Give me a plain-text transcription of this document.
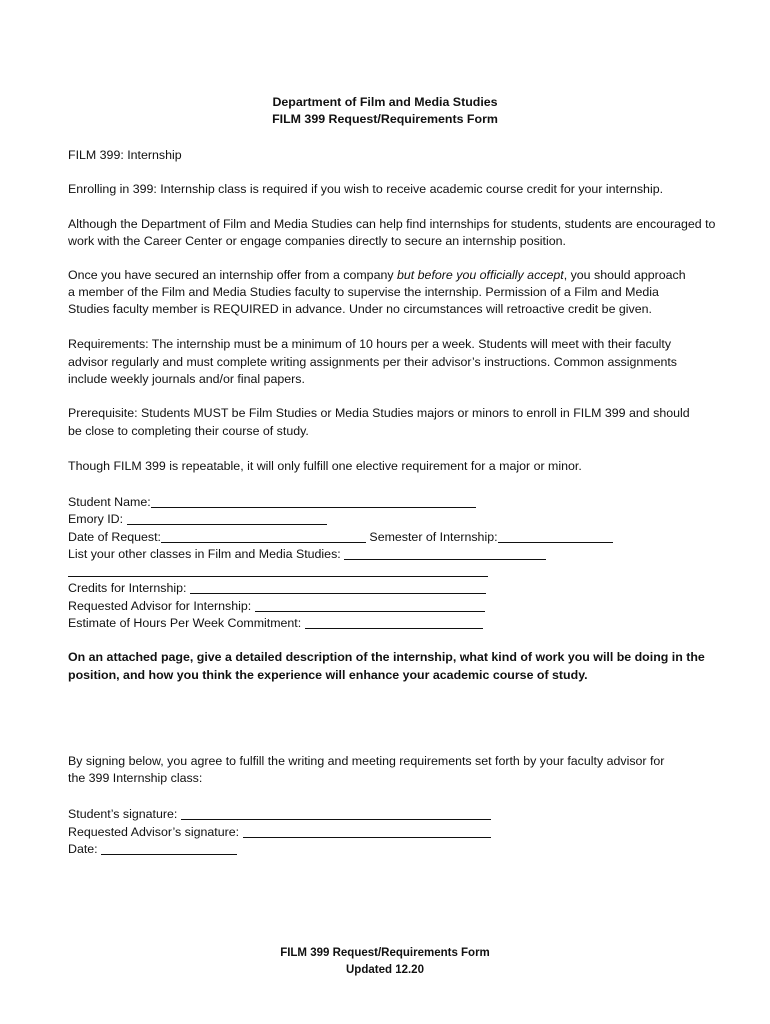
Department of Film and Media Studies
FILM 399 Request/Requirements Form
FILM 399: Internship
Enrolling in 399: Internship class is required if you wish to receive academic course credit for your internship.
Although the Department of Film and Media Studies can help find internships for students, students are encouraged to
work with the Career Center or engage companies directly to secure an internship position.
Once you have secured an internship offer from a company but before you officially accept, you should approach
a member of the Film and Media Studies faculty to supervise the internship. Permission of a Film and Media
Studies faculty member is REQUIRED in advance. Under no circumstances will retroactive credit be given.
Requirements: The internship must be a minimum of 10 hours per a week. Students will meet with their faculty
advisor regularly and must complete writing assignments per their advisor’s instructions. Common assignments
include weekly journals and/or final papers.
Prerequisite: Students MUST be Film Studies or Media Studies majors or minors to enroll in FILM 399 and should
be close to completing their course of study.
Though FILM 399 is repeatable, it will only fulfill one elective requirement for a major or minor.
Student Name:
Emory ID:
Date of Request:	Semester of Internship:
List your other classes in Film and Media Studies:
Credits for Internship:
Requested Advisor for Internship:
Estimate of Hours Per Week Commitment:
On an attached page, give a detailed description of the internship, what kind of work you will be doing in the
position, and how you think the experience will enhance your academic course of study.
By signing below, you agree to fulfill the writing and meeting requirements set forth by your faculty advisor for
the 399 Internship class:
Student’s signature:
Requested Advisor’s signature:
Date:
FILM 399 Request/Requirements Form
Updated 12.20
